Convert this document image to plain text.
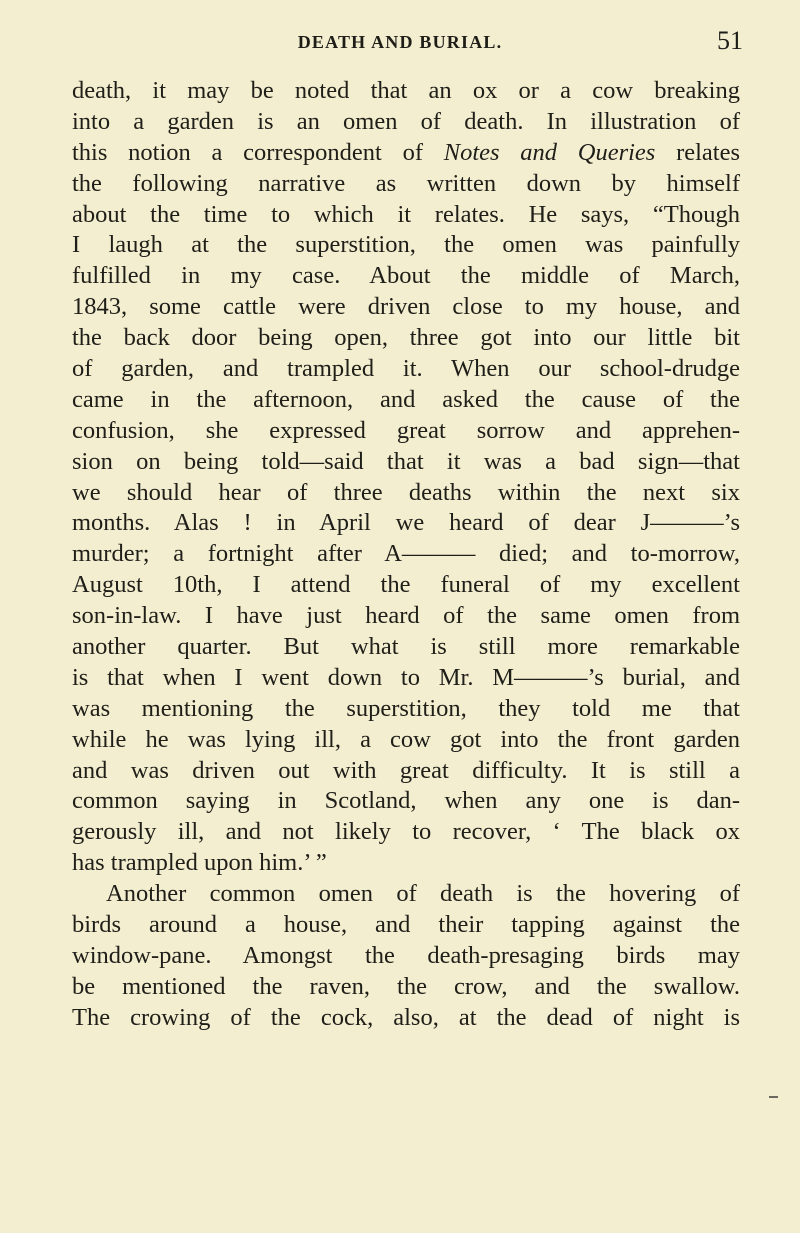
DEATH AND BURIAL.	51
death, it may be noted that an ox or a cow breaking
into a garden is an omen of death. In illustration of
this notion a correspondent of Notes and Queries relates
the following narrative as written down by himself
about the time to which it relates. He says, “Though
I laugh at the superstition, the omen was painfully
fulfilled in my case. About the middle of March,
1843, some cattle were driven close to my house, and
the back door being open, three got into our little bit
of garden, and trampled it. When our school-drudge
came in the afternoon, and asked the cause of the
confusion, she expressed great sorrow and apprehen-
sion on being told—said that it was a bad sign—that
we should hear of three deaths within the next six
months. Alas ! in April we heard of dear J———’s
murder; a fortnight after A——— died; and to-morrow,
August 10th, I attend the funeral of my excellent
son-in-law. I have just heard of the same omen from
another quarter. But what is still more remarkable
is that when I went down to Mr. M———’s burial, and
was mentioning the superstition, they told me that
while he was lying ill, a cow got into the front garden
and was driven out with great difficulty. It is still a
common saying in Scotland, when any one is dan-
gerously ill, and not likely to recover, ‘ The black ox
has trampled upon him.’ ”
Another common omen of death is the hovering of
birds around a house, and their tapping against the
window-pane. Amongst the death-presaging birds may
be mentioned the raven, the crow, and the swallow.
The crowing of the cock, also, at the dead of night is
